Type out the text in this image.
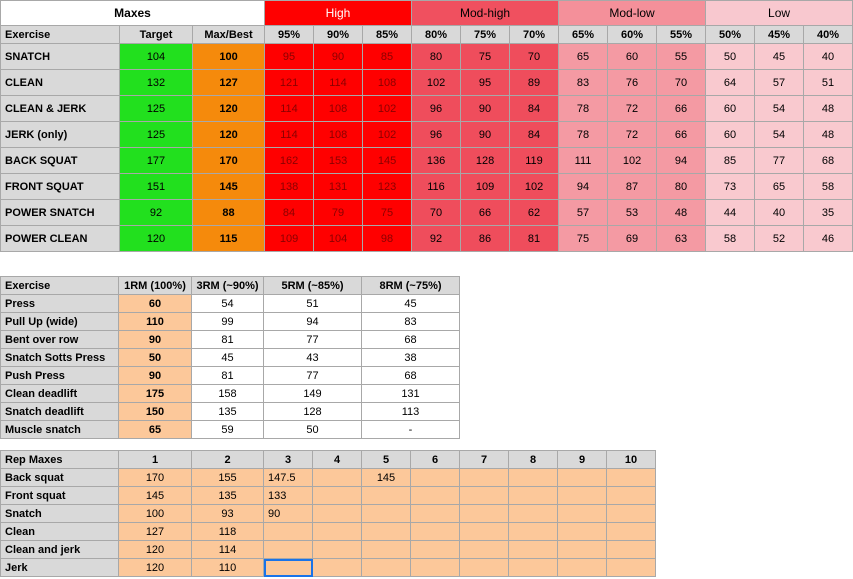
Maxes			High			Mod-high			Mod-low			Low		
Exercise	Target	Max/Best	95%	90%	85%	80%	75%	70%	65%	60%	55%	50%	45%	40%
SNATCH	104	100	95	90	85	80	75	70	65	60	55	50	45	40
CLEAN	132	127	121	114	108	102	95	89	83	76	70	64	57	51
CLEAN & JERK	125	120	114	108	102	96	90	84	78	72	66	60	54	48
JERK (only)	125	120	114	108	102	96	90	84	78	72	66	60	54	48
BACK SQUAT	177	170	162	153	145	136	128	119	111	102	94	85	77	68
FRONT SQUAT	151	145	138	131	123	116	109	102	94	87	80	73	65	58
POWER SNATCH	92	88	84	79	75	70	66	62	57	53	48	44	40	35
POWER CLEAN	120	115	109	104	98	92	86	81	75	69	63	58	52	46
Exercise	1RM (100%)	3RM (~90%)	5RM (~85%)	8RM (~75%)
Press	60	54	51	45
Pull Up (wide)	110	99	94	83
Bent over row	90	81	77	68
Snatch Sotts Press	50	45	43	38
Push Press	90	81	77	68
Clean deadlift	175	158	149	131
Snatch deadlift	150	135	128	113
Muscle snatch	65	59	50	-
Rep Maxes	1	2	3	4	5	6	7	8	9	10
Back squat	170	155	147.5		145					
Front squat	145	135	133							
Snatch	100	93	90							
Clean	127	118								
Clean and jerk	120	114								
Jerk	120	110								
